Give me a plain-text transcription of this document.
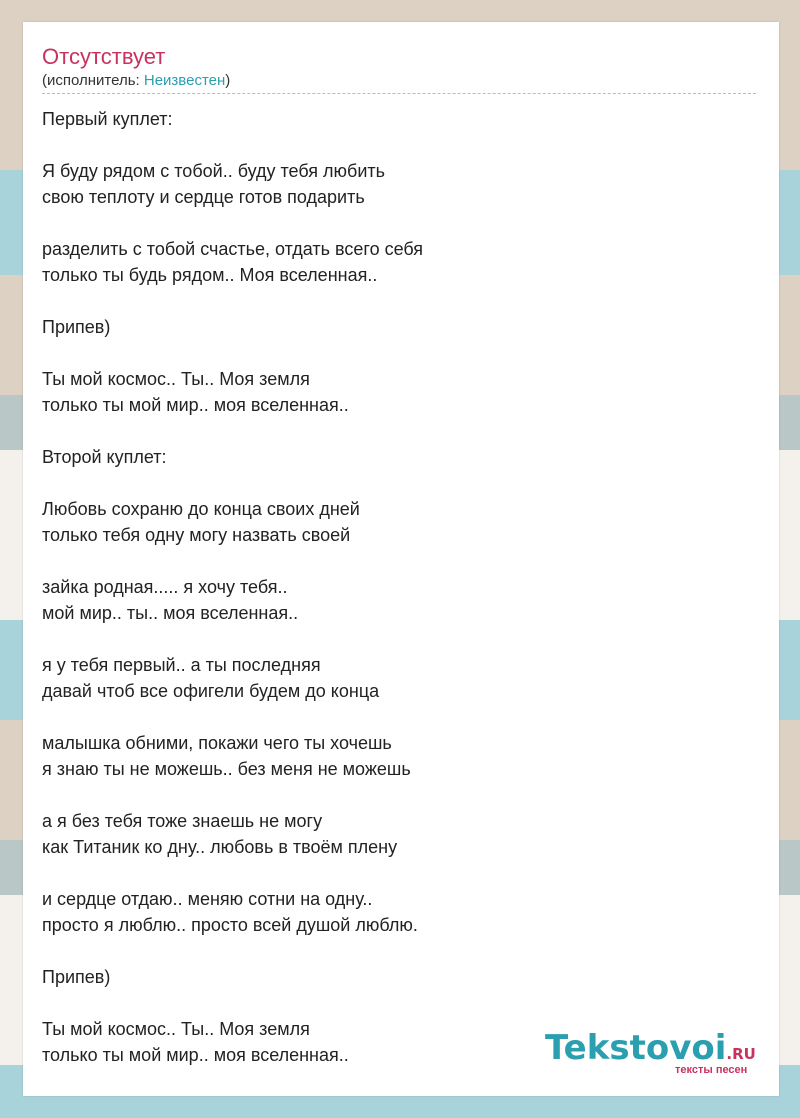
Отсутствует
(исполнитель: Неизвестен)
Первый куплет:
Я буду рядом с тобой.. буду тебя любить
свою теплоту и сердце готов подарить
разделить с тобой счастье, отдать всего себя
только ты будь рядом.. Моя вселенная..
Припев)
Ты мой космос.. Ты.. Моя земля
только ты мой мир.. моя вселенная..
Второй куплет:
Любовь сохраню до конца своих дней
только тебя одну могу назвать своей
зайка родная..... я хочу тебя..
мой мир.. ты.. моя вселенная..
я у тебя первый.. а ты последняя
давай чтоб все офигели будем до конца
малышка обними, покажи чего ты хочешь
я знаю ты не можешь.. без меня не можешь
а я без тебя тоже знаешь не могу
как Титаник ко дну.. любовь в твоём плену
и сердце отдаю.. меняю сотни на одну..
просто я люблю.. просто всей душой люблю.
Припев)
Ты мой космос.. Ты.. Моя земля
только ты мой мир.. моя вселенная..	Tekstovoi.RU
тексты песен
